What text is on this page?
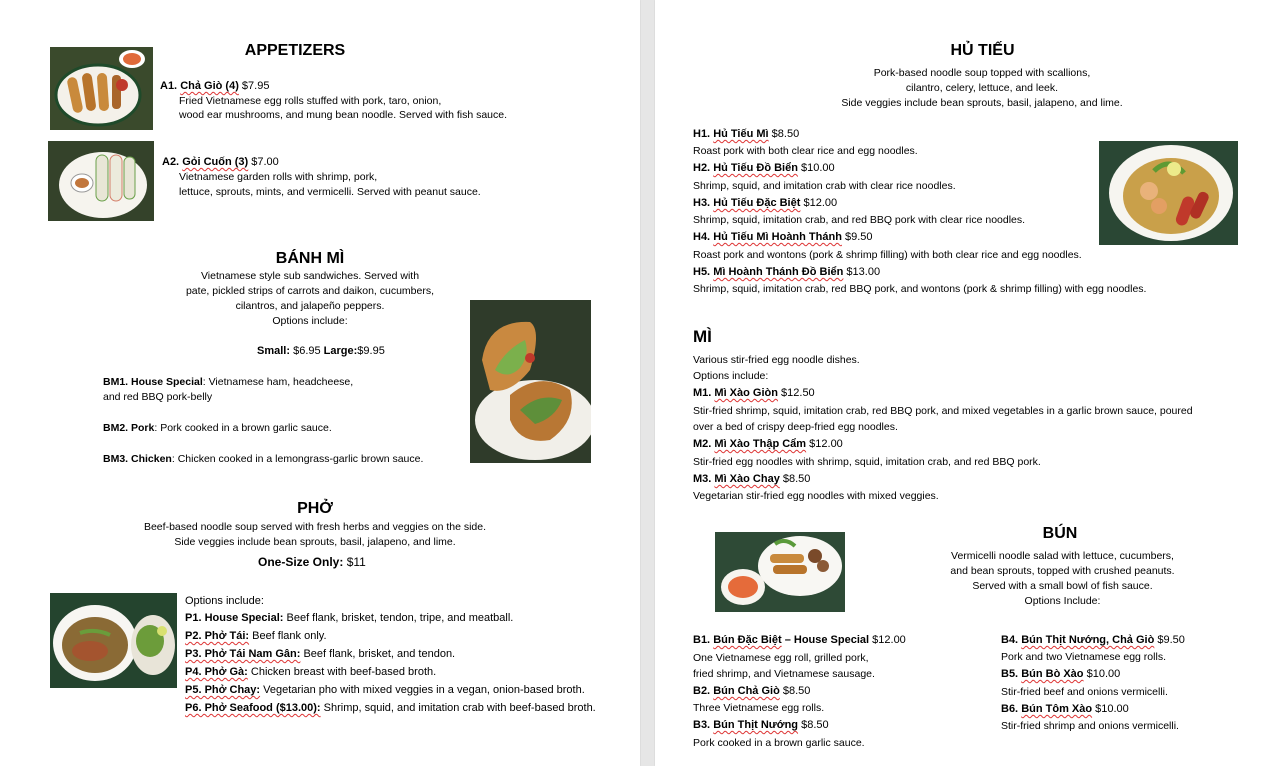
APPETIZERS
A1. Chả Giò (4) $7.95
Fried Vietnamese egg rolls stuffed with pork, taro, onion,
wood ear mushrooms, and mung bean noodle. Served with fish sauce.
A2. Gỏi Cuốn (3) $7.00
Vietnamese garden rolls with shrimp, pork,
lettuce, sprouts, mints, and vermicelli. Served with peanut sauce.
BÁNH MÌ
Vietnamese style sub sandwiches. Served with
pate, pickled strips of carrots and daikon, cucumbers,
cilantros, and jalapeño peppers.
Options include:
Small: $6.95 Large:$9.95
BM1. House Special: Vietnamese ham, headcheese,
and red BBQ pork-belly
BM2. Pork: Pork cooked in a brown garlic sauce.
BM3. Chicken: Chicken cooked in a lemongrass-garlic brown sauce.
PHỞ
Beef-based noodle soup served with fresh herbs and veggies on the side.
Side veggies include bean sprouts, basil, jalapeno, and lime.
One-Size Only: $11
Options include:
P1. House Special: Beef flank, brisket, tendon, tripe, and meatball.
P2. Phở Tái: Beef flank only.
P3. Phở Tái Nam Gân: Beef flank, brisket, and tendon.
P4. Phở Gà: Chicken breast with beef-based broth.
P5. Phở Chay: Vegetarian pho with mixed veggies in a vegan, onion-based broth.
P6. Phở Seafood ($13.00): Shrimp, squid, and imitation crab with beef-based broth.
HỦ TIẾU
Pork-based noodle soup topped with scallions,
cilantro, celery, lettuce, and leek.
Side veggies include bean sprouts, basil, jalapeno, and lime.
H1. Hủ Tiếu Mì $8.50
Roast pork with both clear rice and egg noodles.
H2. Hủ Tiếu Đồ Biển $10.00
Shrimp, squid, and imitation crab with clear rice noodles.
H3. Hủ Tiếu Đặc Biệt $12.00
Shrimp, squid, imitation crab, and red BBQ pork with clear rice noodles.
H4. Hủ Tiếu Mì Hoành Thánh $9.50
Roast pork and wontons (pork & shrimp filling) with both clear rice and egg noodles.
H5. Mì Hoành Thánh Đồ Biển $13.00
Shrimp, squid, imitation crab, red BBQ pork, and wontons (pork & shrimp filling) with egg noodles.
MÌ
Various stir-fried egg noodle dishes.
Options include:
M1. Mì Xào Giòn $12.50
Stir-fried shrimp, squid, imitation crab, red BBQ pork, and mixed vegetables in a garlic brown sauce, poured
over a bed of crispy deep-fried egg noodles.
M2. Mì Xào Thập Cẩm $12.00
Stir-fried egg noodles with shrimp, squid, imitation crab, and red BBQ pork.
M3. Mì Xào Chay $8.50
Vegetarian stir-fried egg noodles with mixed veggies.
BÚN
Vermicelli noodle salad with lettuce, cucumbers,
and bean sprouts, topped with crushed peanuts.
Served with a small bowl of fish sauce.
Options Include:
B1. Bún Đặc Biệt – House Special $12.00
One Vietnamese egg roll, grilled pork,
fried shrimp, and Vietnamese sausage.
B2. Bún Chả Giò $8.50
Three Vietnamese egg rolls.
B3. Bún Thịt Nướng $8.50
Pork cooked in a brown garlic sauce.
B4. Bún Thịt Nướng, Chả Giò $9.50
Pork and two Vietnamese egg rolls.
B5. Bún Bò Xào $10.00
Stir-fried beef and onions vermicelli.
B6. Bún Tôm Xào $10.00
Stir-fried shrimp and onions vermicelli.
